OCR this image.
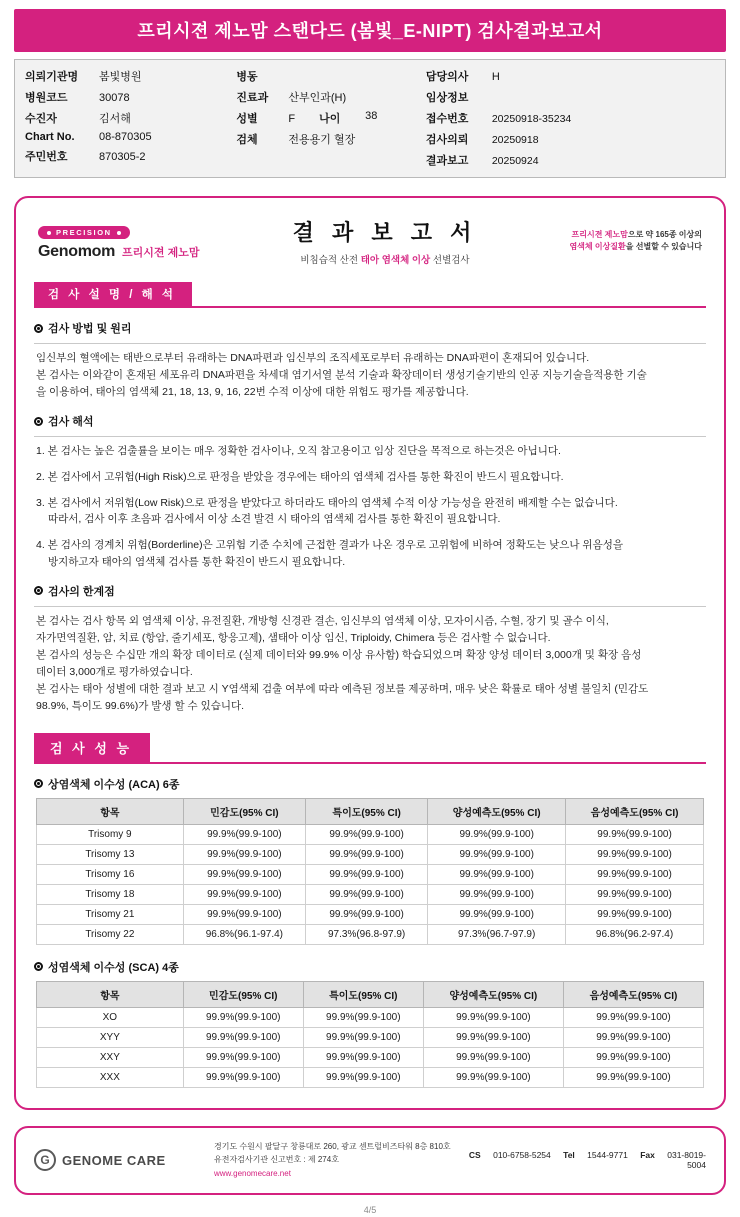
프리시젼 제노맘 스탠다드 (봄빛_E-NIPT) 검사결과보고서
의뢰기관명	봄빛병원
병원코드	30078
수진자	김서해
Chart No.	08-870305
주민번호	870305-2
병동
진료과	산부인과(H)
성별	F 나이	38
검체	전용용기 혈장
담당의사	H
임상정보
접수번호	20250918-35234
검사의뢰	20250918
결과보고	20250924
PRECISION
Genomom 프리시젼 제노맘
결 과 보 고 서
비침습적 산전 태아 염색체 이상 선별검사
프리시젼 제노맘으로 약 165종 이상의
염색체 이상질환을 선별할 수 있습니다
검 사 설 명 / 해 석
검사 방법 및 원리

임신부의 혈액에는 태반으로부터 유래하는 DNA파편과 임신부의 조직세포로부터 유래하는 DNA파편이 혼재되어 있습니다.

본 검사는 이와같이 혼재된 세포유리 DNA파편을 차세대 염기서열 분석 기술과 확장데이터 생성기술기반의 인공 지능기술을적용한 기술

을 이용하여, 태아의 염색체 21, 18, 13, 9, 16, 22번 수적 이상에 대한 위험도 평가를 제공합니다.

검사 해석
1. 본 검사는 높은 검출률을 보이는 매우 정확한 검사이나, 오직 참고용이고 임상 진단을 목적으로 하는것은 아닙니다.
2. 본 검사에서 고위험(High Risk)으로 판정을 받았을 경우에는 태아의 염색체 검사를 통한 확진이 반드시 필요합니다.
3. 본 검사에서 저위험(Low Risk)으로 판정을 받았다고 하더라도 태아의 염색체 수적 이상 가능성을 완전히 배제할 수는 없습니다.
따라서, 검사 이후 초음파 검사에서 이상 소견 발견 시 태아의 염색체 검사를 통한 확진이 필요합니다.
4. 본 검사의 경계치 위험(Borderline)은 고위험 기준 수치에 근접한 결과가 나온 경우로 고위험에 비하여 정확도는 낮으나 위음성을
방지하고자 태아의 염색체 검사를 통한 확진이 반드시 필요합니다.
검사의 한계점

본 검사는 검사 항목 외 염색체 이상, 유전질환, 개방형 신경관 결손, 임신부의 염색체 이상, 모자이시즘, 수혈, 장기 및 골수 이식,

자가면역질환, 암, 치료 (항암, 줄기세포, 항응고제), 샘태아 이상 임신, Triploidy, Chimera 등은 검사할 수 없습니다.

본 검사의 성능은 수십만 개의 확장 데이터로 (실제 데이터와 99.9% 이상 유사함) 학습되었으며 확장 양성 데이터 3,000개 및 확장 음성

데이터 3,000개로 평가하였습니다.

본 검사는 태아 성별에 대한 결과 보고 시 Y염색체 검출 여부에 따라 예측된 정보를 제공하며, 매우 낮은 확률로 태아 성별 불일치 (민감도

98.9%, 특이도 99.6%)가 발생 할 수 있습니다.

검 사 성 능
상염색체 이수성 (ACA) 6종
항목	민감도(95% CI)	특이도(95% CI)	양성예측도(95% CI)	음성예측도(95% CI)
Trisomy 9	99.9%(99.9-100)	99.9%(99.9-100)	99.9%(99.9-100)	99.9%(99.9-100)
Trisomy 13	99.9%(99.9-100)	99.9%(99.9-100)	99.9%(99.9-100)	99.9%(99.9-100)
Trisomy 16	99.9%(99.9-100)	99.9%(99.9-100)	99.9%(99.9-100)	99.9%(99.9-100)
Trisomy 18	99.9%(99.9-100)	99.9%(99.9-100)	99.9%(99.9-100)	99.9%(99.9-100)
Trisomy 21	99.9%(99.9-100)	99.9%(99.9-100)	99.9%(99.9-100)	99.9%(99.9-100)
Trisomy 22	96.8%(96.1-97.4)	97.3%(96.8-97.9)	97.3%(96.7-97.9)	96.8%(96.2-97.4)
성염색체 이수성 (SCA) 4종
항목	민감도(95% CI)	특이도(95% CI)	양성예측도(95% CI)	음성예측도(95% CI)
XO	99.9%(99.9-100)	99.9%(99.9-100)	99.9%(99.9-100)	99.9%(99.9-100)
XYY	99.9%(99.9-100)	99.9%(99.9-100)	99.9%(99.9-100)	99.9%(99.9-100)
XXY	99.9%(99.9-100)	99.9%(99.9-100)	99.9%(99.9-100)	99.9%(99.9-100)
XXX	99.9%(99.9-100)	99.9%(99.9-100)	99.9%(99.9-100)	99.9%(99.9-100)
G GENOME CARE
경기도 수원시 팔달구 창룡대로 260, 광교 센트럴비즈타워 8층 810호
유전자검사기관 신고번호 : 제 274호
www.genomecare.net
CS 010-6758-5254 Tel 1544-9771 Fax 031-8019-5004
4/5
